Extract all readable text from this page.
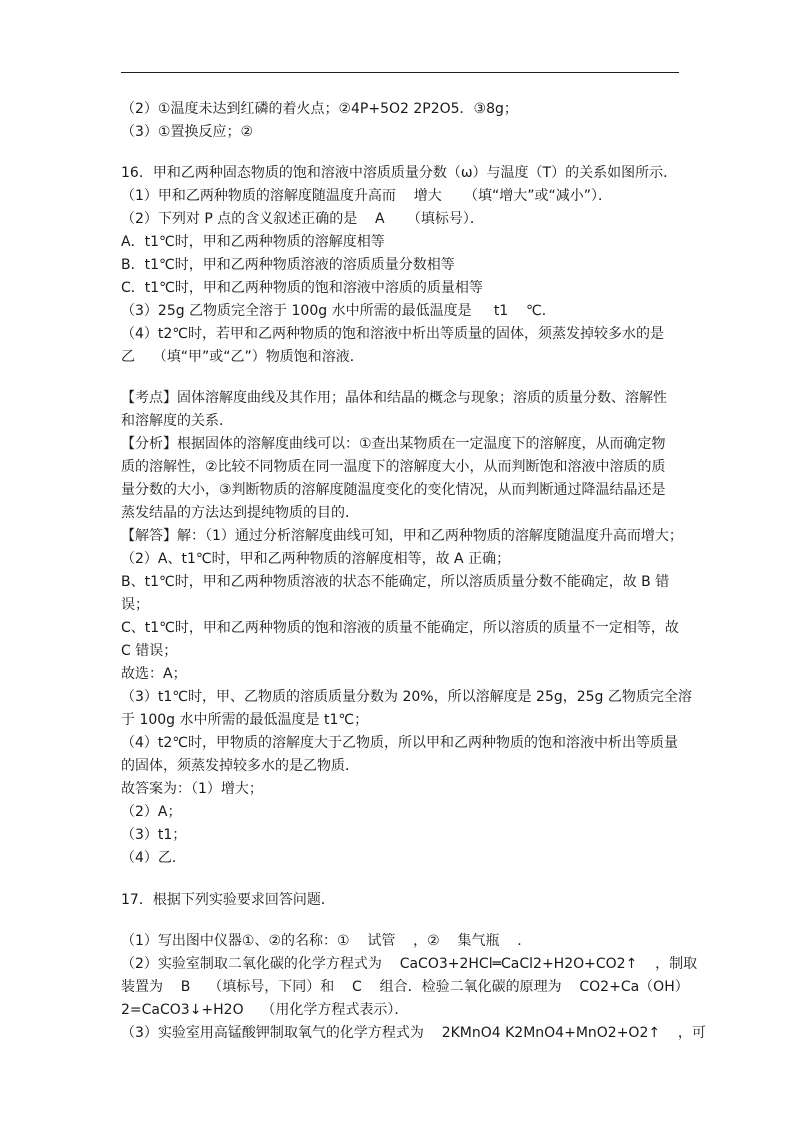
（2）①温度未达到红磷的着火点；②4P+5O2 2P2O5．③8g；
（3）①置换反应；②
16．甲和乙两种固态物质的饱和溶液中溶质质量分数（ω）与温度（T）的关系如图所示．
（1）甲和乙两种物质的溶解度随温度升高而    增大     （填“增大”或“减小”）．
（2）下列对 P 点的含义叙述正确的是    A     （填标号）．
A．t1℃时，甲和乙两种物质的溶解度相等
B．t1℃时，甲和乙两种物质溶液的溶质质量分数相等
C．t1℃时，甲和乙两种物质的饱和溶液中溶质的质量相等
（3）25g 乙物质完全溶于 100g 水中所需的最低温度是     t1    ℃．
（4）t2℃时，若甲和乙两种物质的饱和溶液中析出等质量的固体，须蒸发掉较多水的是
乙    （填“甲”或“乙”）物质饱和溶液．
【考点】固体溶解度曲线及其作用；晶体和结晶的概念与现象；溶质的质量分数、溶解性
和溶解度的关系．
【分析】根据固体的溶解度曲线可以：①查出某物质在一定温度下的溶解度，从而确定物
质的溶解性，②比较不同物质在同一温度下的溶解度大小，从而判断饱和溶液中溶质的质
量分数的大小，③判断物质的溶解度随温度变化的变化情况，从而判断通过降温结晶还是
蒸发结晶的方法达到提纯物质的目的．
【解答】解：（1）通过分析溶解度曲线可知，甲和乙两种物质的溶解度随温度升高而增大；
（2）A、t1℃时，甲和乙两种物质的溶解度相等，故 A 正确；
B、t1℃时，甲和乙两种物质溶液的状态不能确定，所以溶质质量分数不能确定，故 B 错
误；
C、t1℃时，甲和乙两种物质的饱和溶液的质量不能确定，所以溶质的质量不一定相等，故
C 错误；
故选：A；
（3）t1℃时，甲、乙物质的溶质质量分数为 20%，所以溶解度是 25g，25g 乙物质完全溶
于 100g 水中所需的最低温度是 t1℃；
（4）t2℃时，甲物质的溶解度大于乙物质，所以甲和乙两种物质的饱和溶液中析出等质量
的固体，须蒸发掉较多水的是乙物质．
故答案为：（1）增大；
（2）A；
（3）t1；
（4）乙．
17．根据下列实验要求回答问题．
（1）写出图中仪器①、②的名称：①    试管    ，②    集气瓶    ．
（2）实验室制取二氧化碳的化学方程式为    CaCO3+2HCl═CaCl2+H2O+CO2↑    ，制取
装置为    B    （填标号，下同）和    C    组合．检验二氧化碳的原理为    CO2+Ca（OH）
2=CaCO3↓+H2O    （用化学方程式表示）．
（3）实验室用高锰酸钾制取氧气的化学方程式为    2KMnO4 K2MnO4+MnO2+O2↑    ，可
